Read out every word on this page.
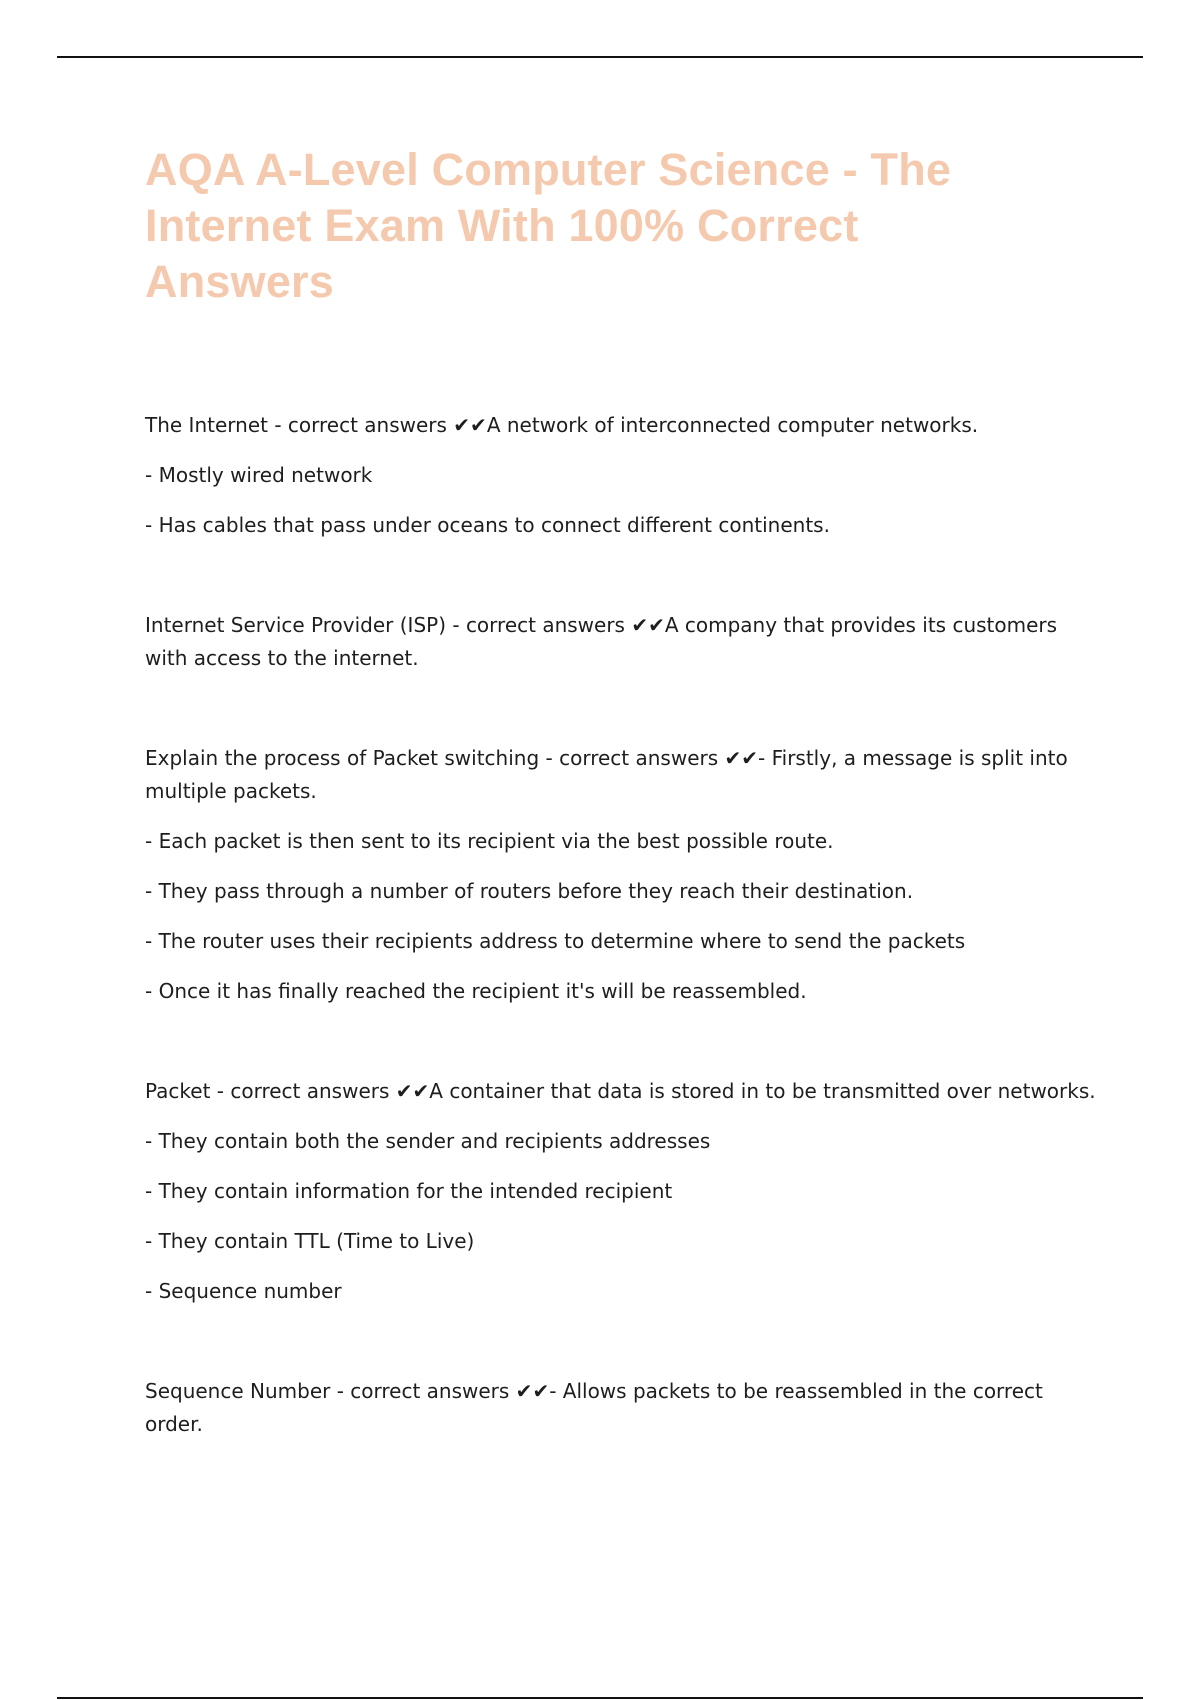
AQA A-Level Computer Science - The Internet Exam With 100% Correct Answers

The Internet - correct answers ✔✔A network of interconnected computer networks.

- Mostly wired network

- Has cables that pass under oceans to connect different continents.

Internet Service Provider (ISP) - correct answers ✔✔A company that provides its customers with access to the internet.

Explain the process of Packet switching - correct answers ✔✔- Firstly, a message is split into multiple packets.

- Each packet is then sent to its recipient via the best possible route.

- They pass through a number of routers before they reach their destination.

- The router uses their recipients address to determine where to send the packets

- Once it has finally reached the recipient it's will be reassembled.

Packet - correct answers ✔✔A container that data is stored in to be transmitted over networks.

- They contain both the sender and recipients addresses

- They contain information for the intended recipient

- They contain TTL (Time to Live)

- Sequence number

Sequence Number - correct answers ✔✔- Allows packets to be reassembled in the correct order.
